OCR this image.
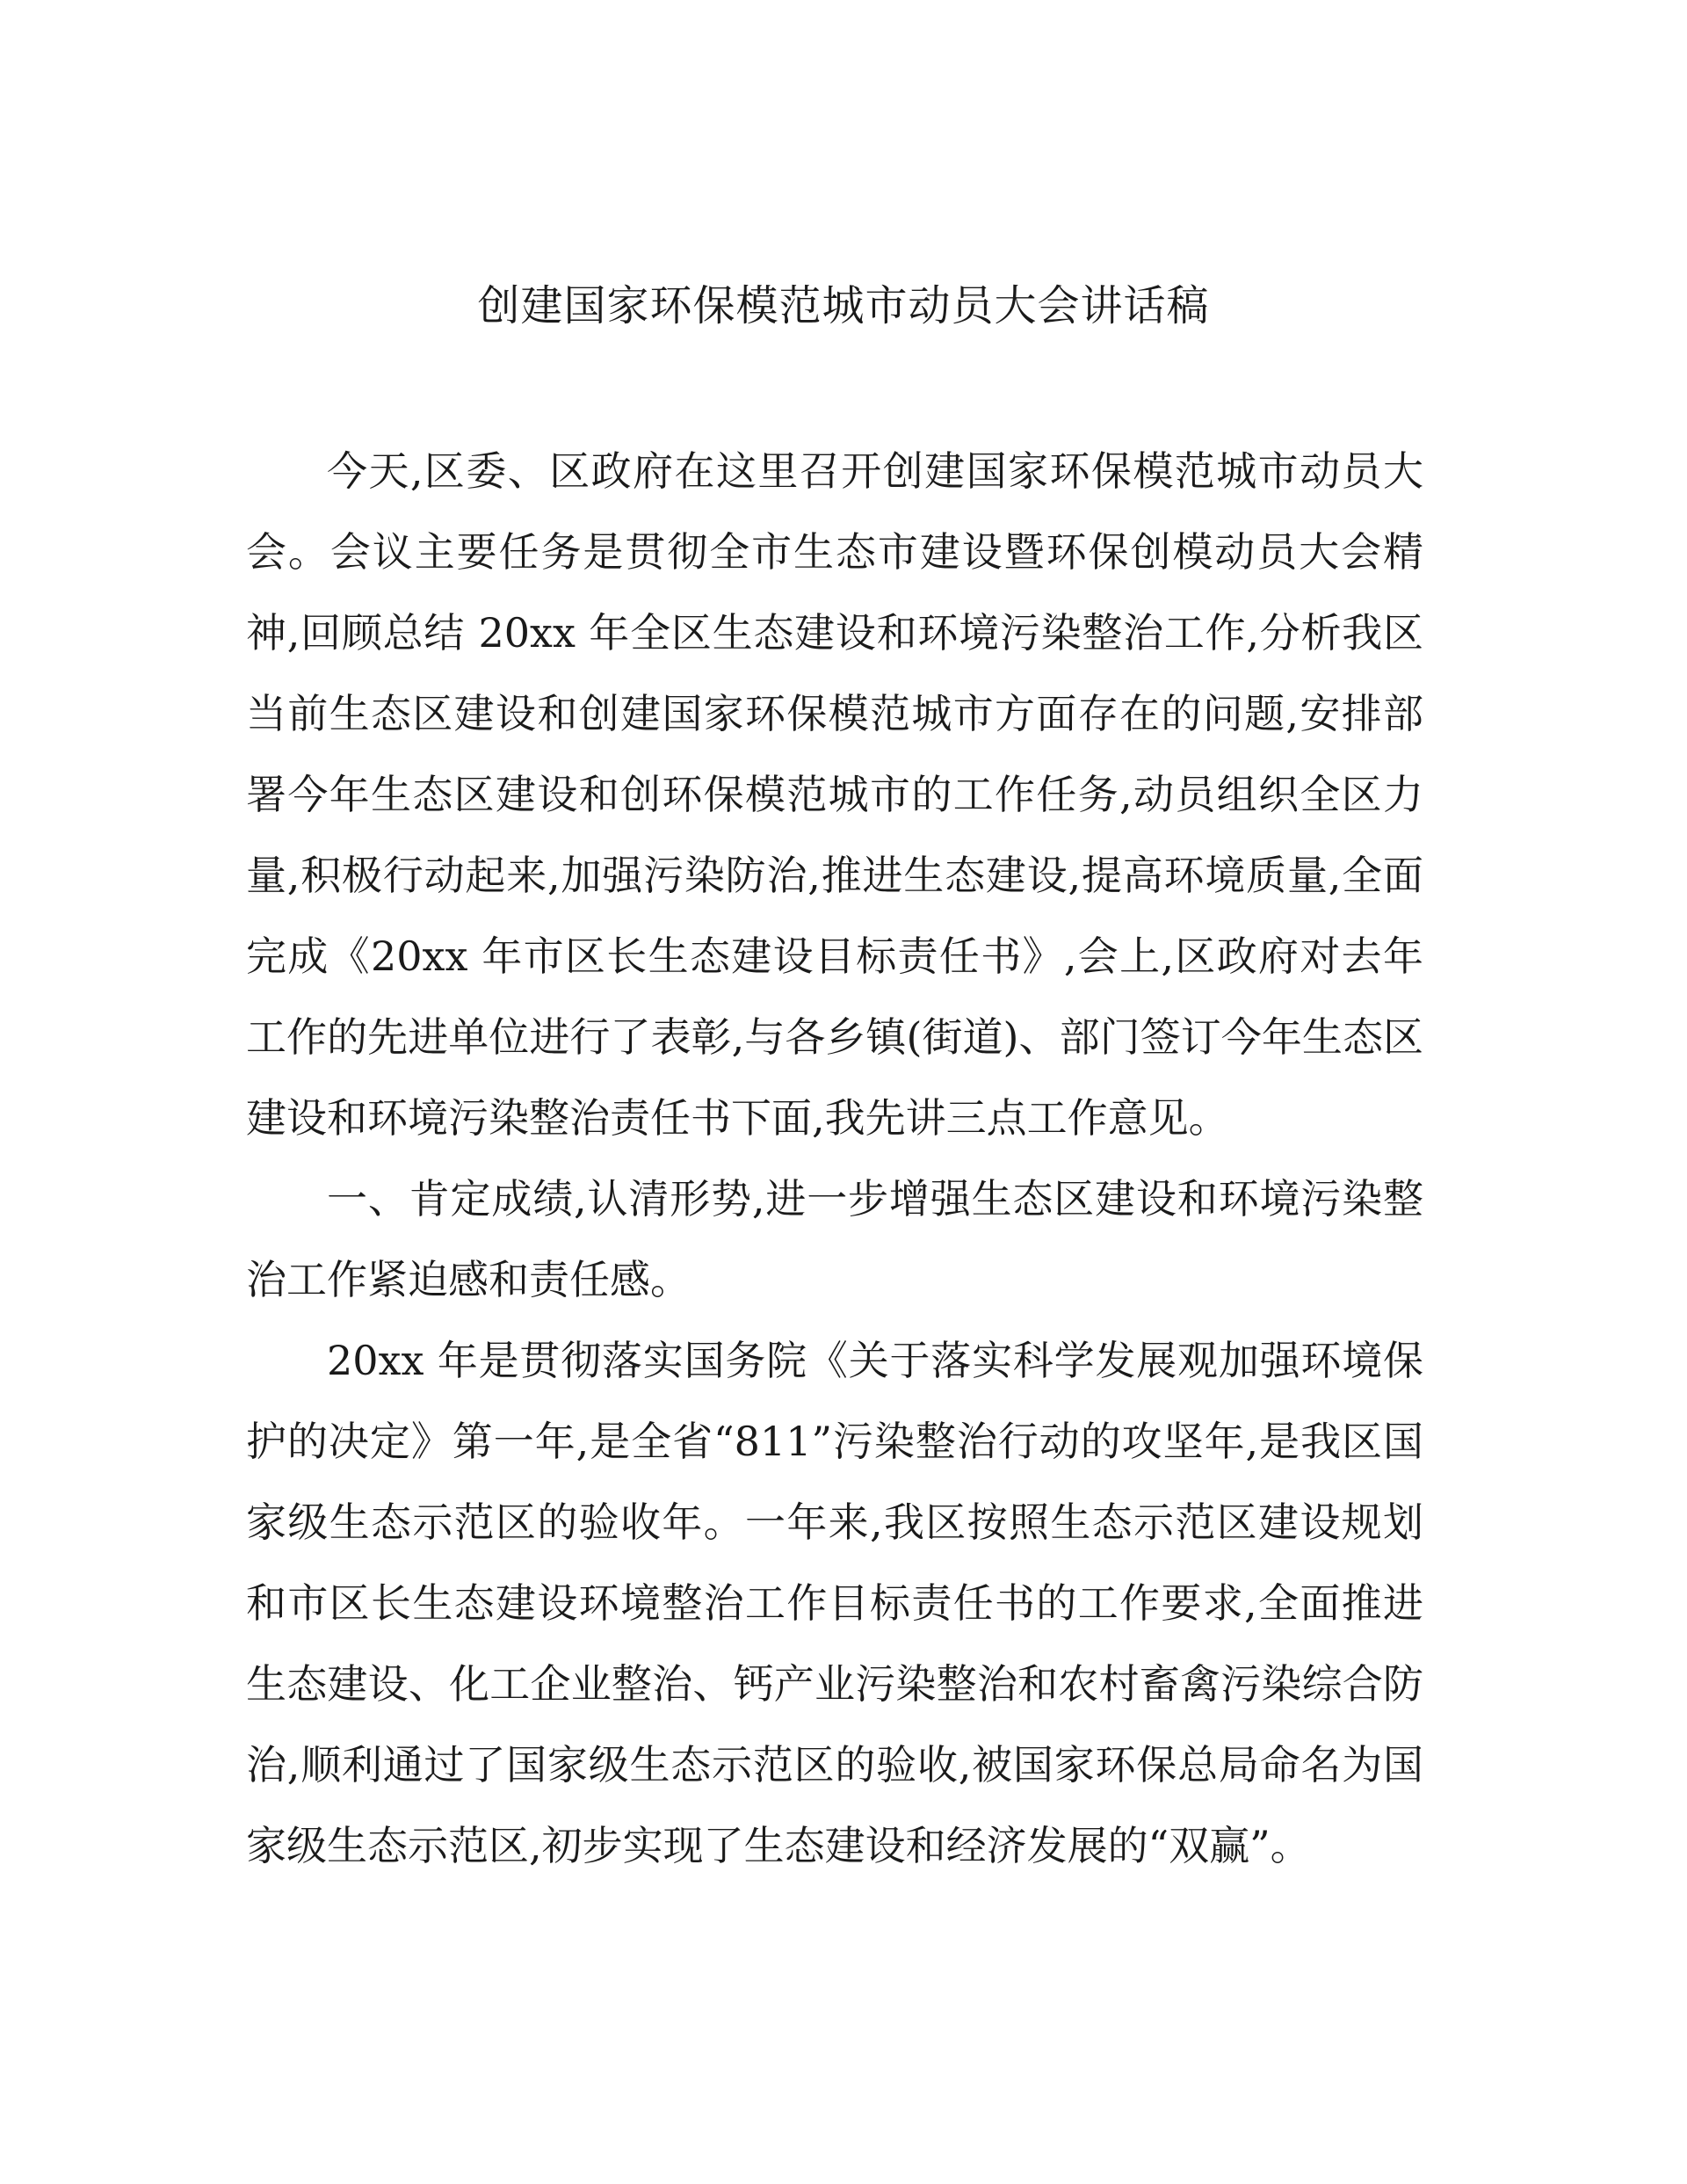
创建国家环保模范城市动员大会讲话稿

今天,区委、区政府在这里召开创建国家环保模范城市动员大会。会议主要任务是贯彻全市生态市建设暨环保创模动员大会精神,回顾总结 20xx 年全区生态建设和环境污染整治工作,分析我区当前生态区建设和创建国家环保模范城市方面存在的问题,安排部署今年生态区建设和创环保模范城市的工作任务,动员组织全区力量,积极行动起来,加强污染防治,推进生态建设,提高环境质量,全面完成《20xx 年市区长生态建设目标责任书》,会上,区政府对去年工作的先进单位进行了表彰,与各乡镇(街道)、部门签订今年生态区建设和环境污染整治责任书下面,我先讲三点工作意见。

一、肯定成绩,认清形势,进一步增强生态区建设和环境污染整治工作紧迫感和责任感。

20xx 年是贯彻落实国务院《关于落实科学发展观加强环境保护的决定》第一年,是全省“811”污染整治行动的攻坚年,是我区国家级生态示范区的验收年。一年来,我区按照生态示范区建设规划和市区长生态建设环境整治工作目标责任书的工作要求,全面推进生态建设、化工企业整治、钙产业污染整治和农村畜禽污染综合防治,顺利通过了国家级生态示范区的验收,被国家环保总局命名为国家级生态示范区,初步实现了生态建设和经济发展的“双赢”。
